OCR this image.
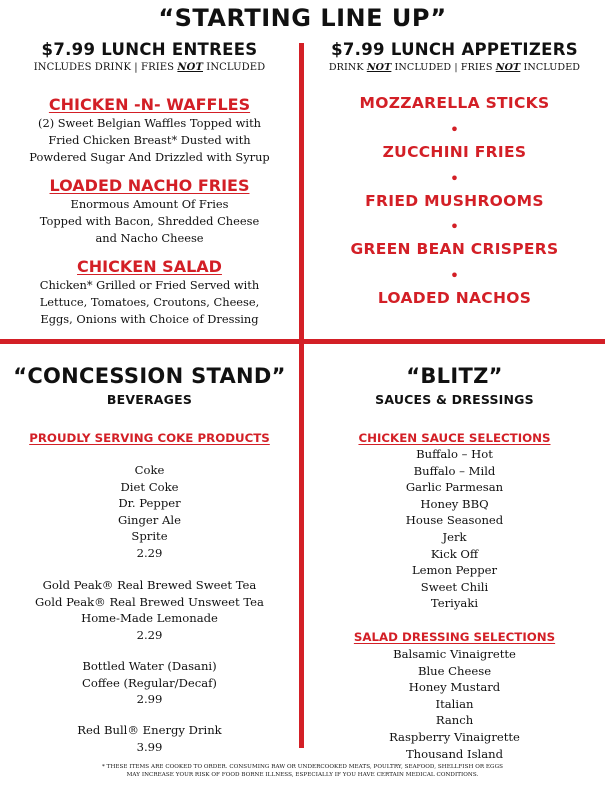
“STARTING LINE UP”
$7.99 LUNCH ENTREES
INCLUDES DRINK | FRIES NOT INCLUDED
CHICKEN -N- WAFFLES
(2) Sweet Belgian Waffles Topped with
Fried Chicken Breast* Dusted with
Powdered Sugar And Drizzled with Syrup
LOADED NACHO FRIES
Enormous Amount Of Fries
Topped with Bacon, Shredded Cheese
and Nacho Cheese
CHICKEN SALAD
Chicken* Grilled or Fried Served with
Lettuce, Tomatoes, Croutons, Cheese,
Eggs, Onions with Choice of Dressing
$7.99 LUNCH APPETIZERS
DRINK NOT INCLUDED | FRIES NOT INCLUDED
MOZZARELLA STICKS
•
ZUCCHINI FRIES
•
FRIED MUSHROOMS
•
GREEN BEAN CRISPERS
•
LOADED NACHOS
“CONCESSION STAND”
BEVERAGES
PROUDLY SERVING COKE PRODUCTS
Coke
Diet Coke
Dr. Pepper
Ginger Ale
Sprite
2.29
Gold Peak® Real Brewed Sweet Tea
Gold Peak® Real Brewed Unsweet Tea
Home-Made Lemonade
2.29
Bottled Water (Dasani)
Coffee (Regular/Decaf)
2.99
Red Bull® Energy Drink
3.99
“BLITZ”
SAUCES & DRESSINGS
CHICKEN SAUCE SELECTIONS
Buffalo – Hot
Buffalo – Mild
Garlic Parmesan
Honey BBQ
House Seasoned
Jerk
Kick Off
Lemon Pepper
Sweet Chili
Teriyaki
SALAD DRESSING SELECTIONS
Balsamic Vinaigrette
Blue Cheese
Honey Mustard
Italian
Ranch
Raspberry Vinaigrette
Thousand Island
* THESE ITEMS ARE COOKED TO ORDER. CONSUMING RAW OR UNDERCOOKED MEATS, POULTRY, SEAFOOD, SHELLFISH OR EGGS
MAY INCREASE YOUR RISK OF FOOD BORNE ILLNESS, ESPECIALLY IF YOU HAVE CERTAIN MEDICAL CONDITIONS.
